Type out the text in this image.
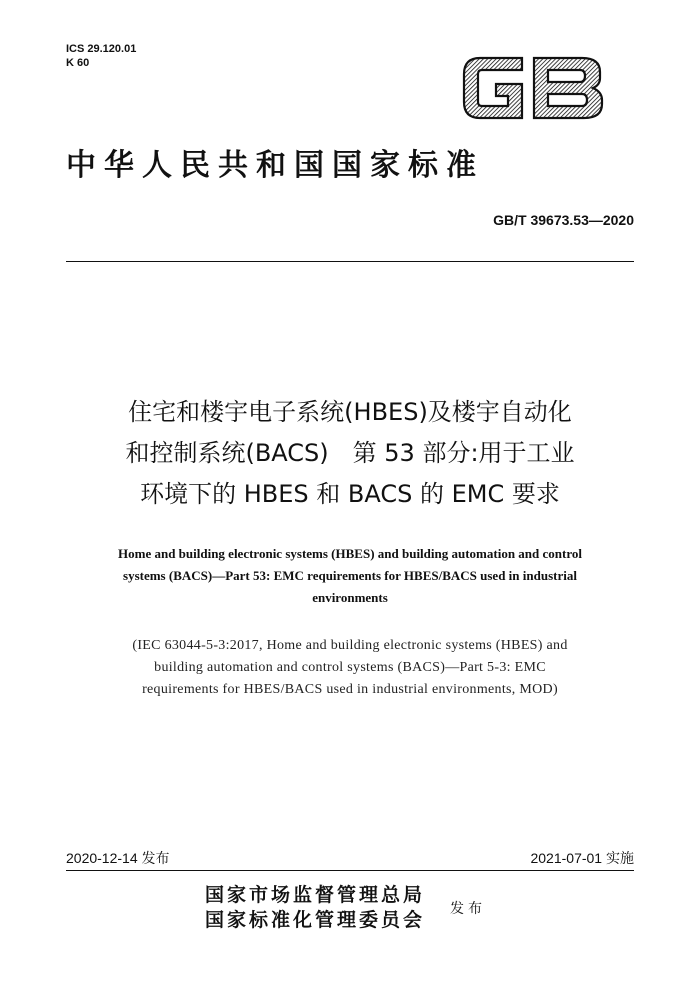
ICS 29.120.01
K 60
中华人民共和国国家标准
GB/T 39673.53—2020
住宅和楼宇电子系统(HBES)及楼宇自动化
和控制系统(BACS)　第 53 部分:用于工业
环境下的 HBES 和 BACS 的 EMC 要求
Home and building electronic systems (HBES) and building automation and control
systems (BACS)—Part 53: EMC requirements for HBES/BACS used in industrial
environments
(IEC 63044-5-3:2017, Home and building electronic systems (HBES) and
building automation and control systems (BACS)—Part 5-3: EMC
requirements for HBES/BACS used in industrial environments, MOD)
2020-12-14 发布	2021-07-01 实施
国家市场监督管理总局
国家标准化管理委员会 发布
